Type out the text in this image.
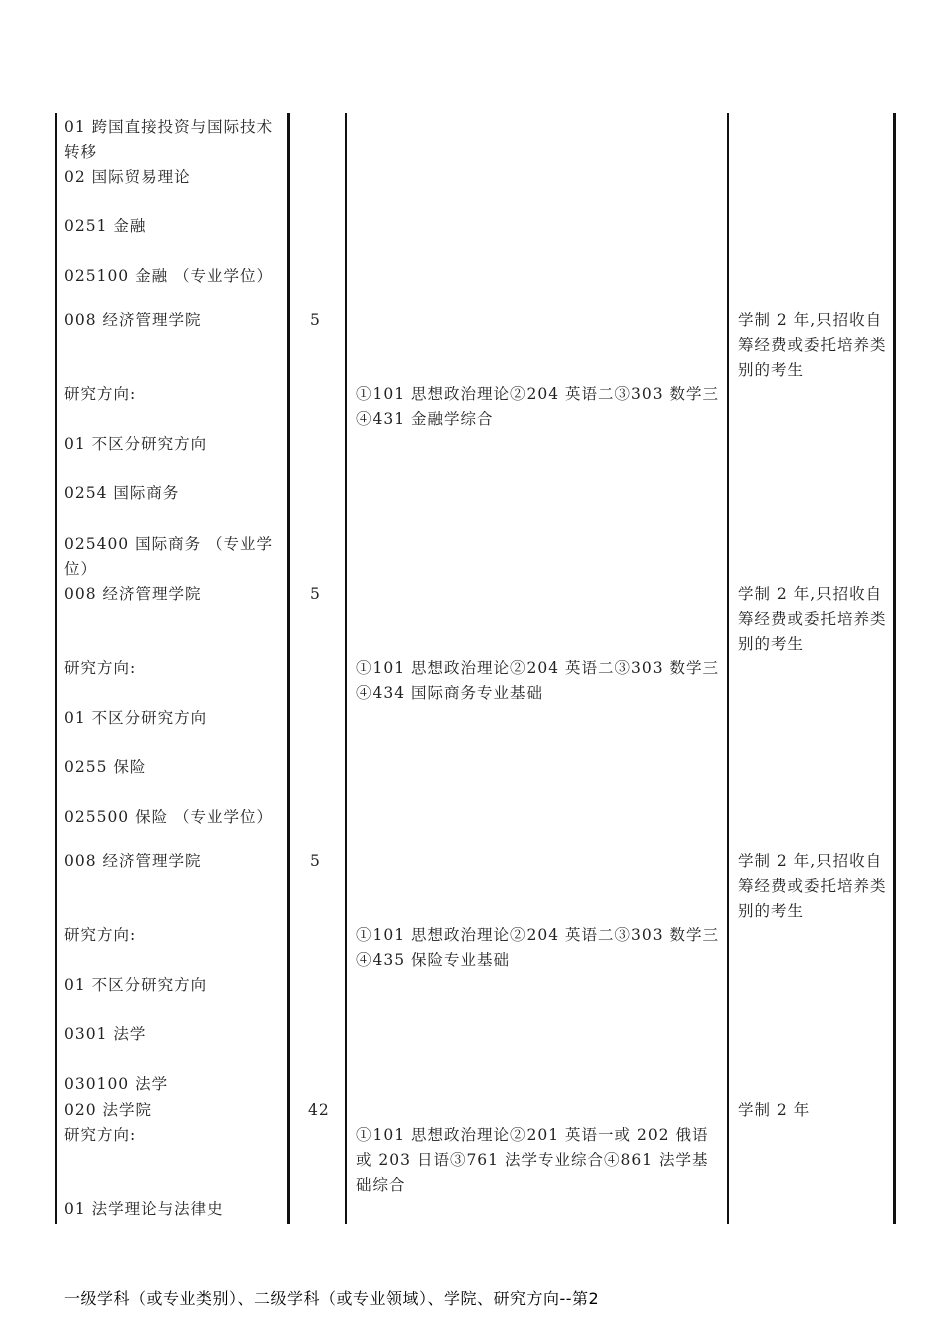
01 跨国直接投资与国际技术转移
02 国际贸易理论
0251 金融
025100 金融 （专业学位）
008 经济管理学院
研究方向:
01 不区分研究方向
0254 国际商务
025400 国际商务 （专业学位）
008 经济管理学院
研究方向:
01 不区分研究方向
0255 保险
025500 保险 （专业学位）
008 经济管理学院
研究方向:
01 不区分研究方向
0301 法学
030100 法学
020 法学院
研究方向:
01 法学理论与法律史
5
5
5
42
①101 思想政治理论②204 英语二③303 数学三④431 金融学综合
①101 思想政治理论②204 英语二③303 数学三④434 国际商务专业基础
①101 思想政治理论②204 英语二③303 数学三④435 保险专业基础
①101 思想政治理论②201 英语一或 202 俄语或 203 日语③761 法学专业综合④861 法学基础综合
学制 2 年,只招收自筹经费或委托培养类别的考生
学制 2 年,只招收自筹经费或委托培养类别的考生
学制 2 年,只招收自筹经费或委托培养类别的考生
学制 2 年
一级学科（或专业类别）、二级学科（或专业领域）、学院、研究方向--第2
